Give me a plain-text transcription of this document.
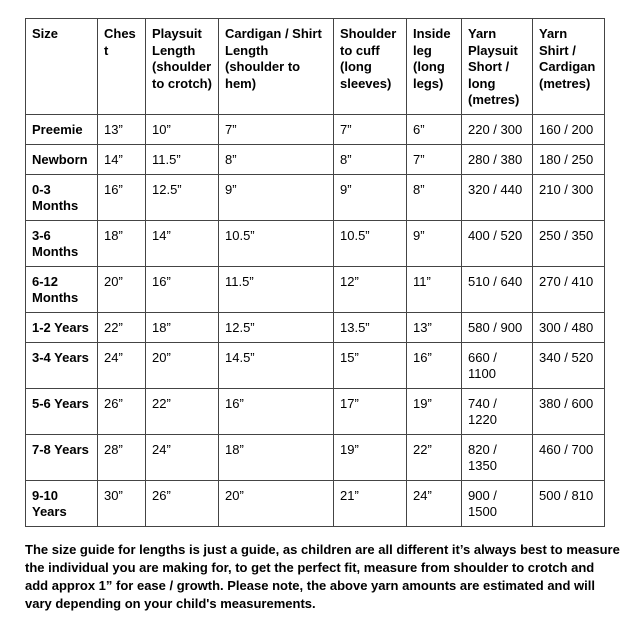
Size	Chest	Playsuit Length (shoulder to crotch)	Cardigan / Shirt Length (shoulder to hem)	Shoulder to cuff (long sleeves)	Inside leg (long legs)	Yarn Playsuit Short / long (metres)	Yarn Shirt / Cardigan (metres)
Preemie	13”	10”	7”	7”	6”	220 / 300	160 / 200
Newborn	14”	11.5”	8”	8”	7”	280 / 380	180 / 250
0-3 Months	16”	12.5”	9”	9”	8”	320 / 440	210 / 300
3-6 Months	18”	14”	10.5”	10.5”	9”	400 / 520	250 / 350
6-12 Months	20”	16”	11.5”	12”	11”	510 / 640	270 / 410
1-2 Years	22”	18”	12.5”	13.5”	13”	580 / 900	300 / 480
3-4 Years	24”	20”	14.5”	15”	16”	660 / 1100	340 / 520
5-6 Years	26”	22”	16”	17”	19”	740 / 1220	380 / 600
7-8 Years	28”	24”	18”	19”	22”	820 / 1350	460 / 700
9-10 Years	30”	26”	20”	21”	24”	900 / 1500	500 / 810

The size guide for lengths is just a guide, as children are all different it’s always best to measure the individual you are making for, to get the perfect fit, measure from shoulder to crotch and add approx 1” for ease / growth. Please note, the above yarn amounts are estimated and will vary depending on your child's measurements.
